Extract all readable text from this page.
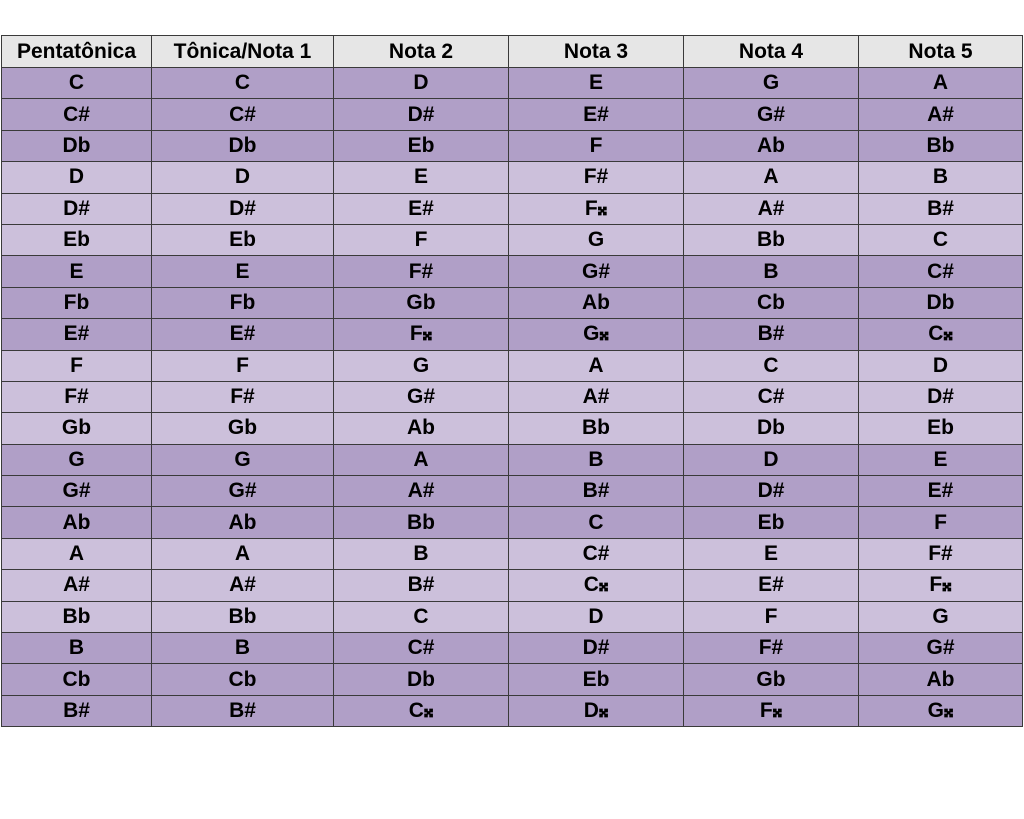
Pentatônica	Tônica/Nota 1	Nota 2	Nota 3	Nota 4	Nota 5
C	C	D	E	G	A
C#	C#	D#	E#	G#	A#
Db	Db	Eb	F	Ab	Bb
D	D	E	F#	A	B
D#	D#	E#	F𝄪	A#	B#
Eb	Eb	F	G	Bb	C
E	E	F#	G#	B	C#
Fb	Fb	Gb	Ab	Cb	Db
E#	E#	F𝄪	G𝄪	B#	C𝄪
F	F	G	A	C	D
F#	F#	G#	A#	C#	D#
Gb	Gb	Ab	Bb	Db	Eb
G	G	A	B	D	E
G#	G#	A#	B#	D#	E#
Ab	Ab	Bb	C	Eb	F
A	A	B	C#	E	F#
A#	A#	B#	C𝄪	E#	F𝄪
Bb	Bb	C	D	F	G
B	B	C#	D#	F#	G#
Cb	Cb	Db	Eb	Gb	Ab
B#	B#	C𝄪	D𝄪	F𝄪	G𝄪
